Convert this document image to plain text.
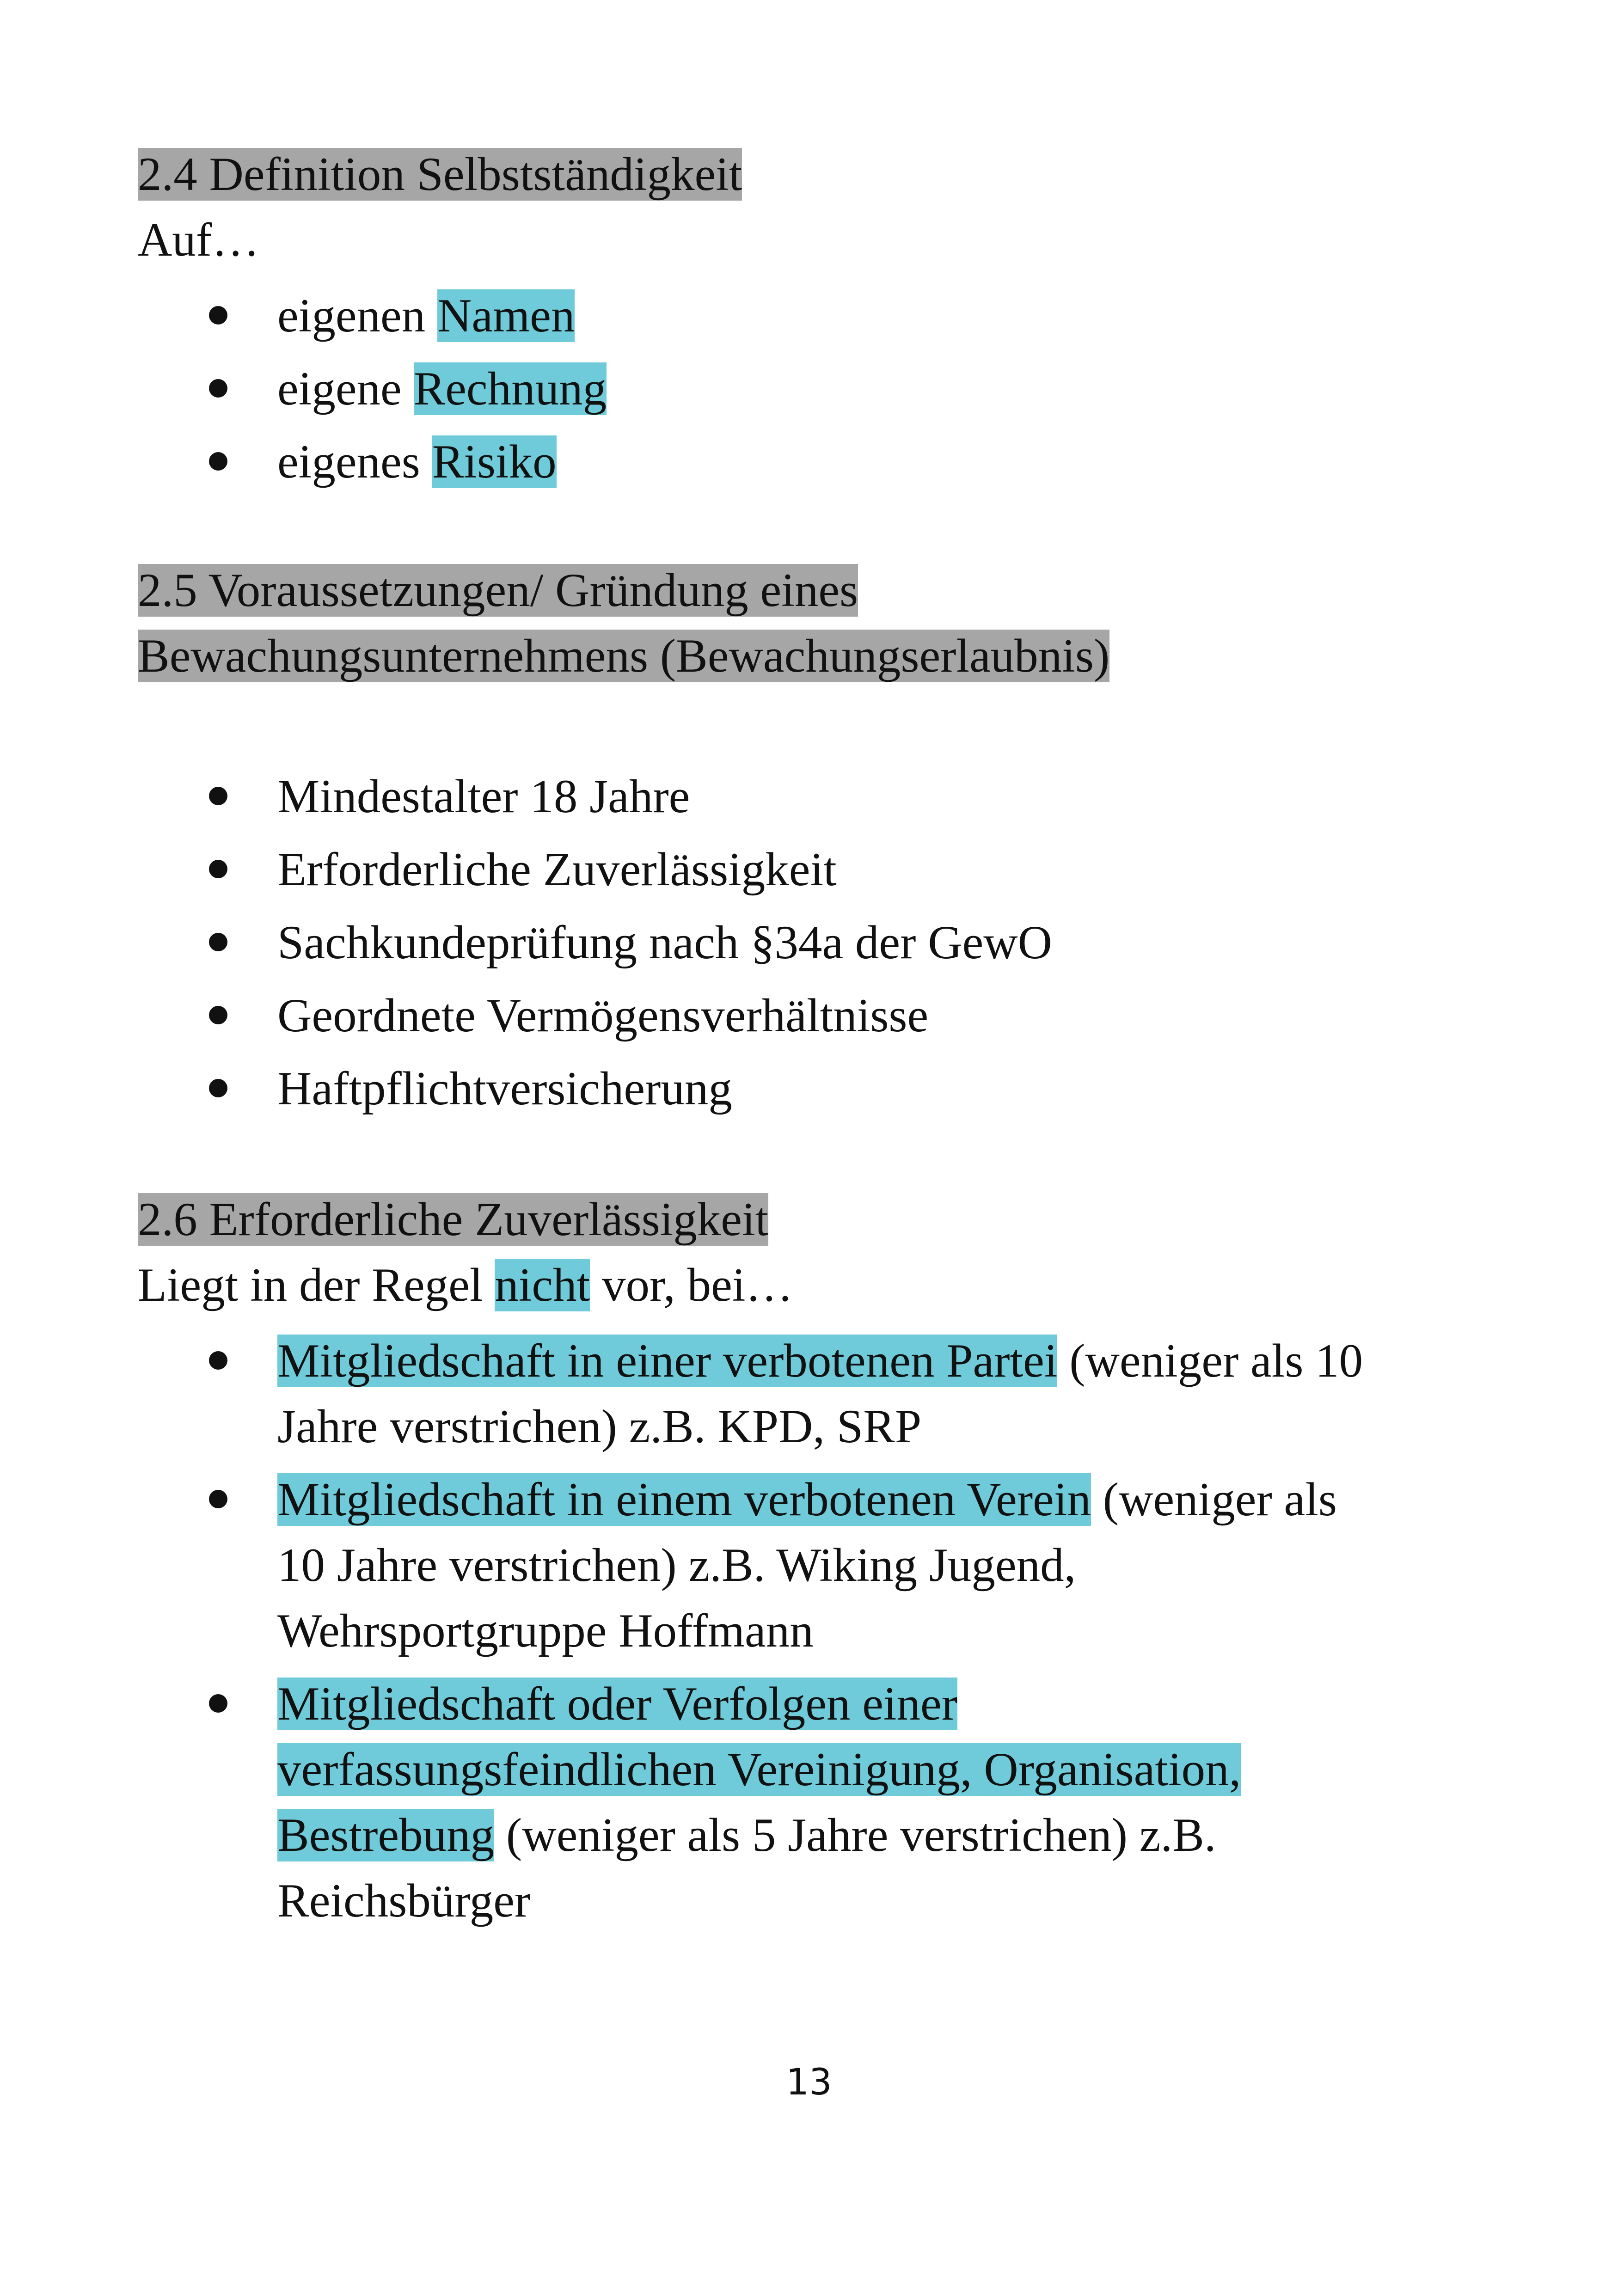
2.4 Definition Selbstständigkeit
Auf…
eigenen Namen
eigene Rechnung
eigenes Risiko
2.5 Voraussetzungen/ Gründung eines
Bewachungsunternehmens (Bewachungserlaubnis)
Mindestalter 18 Jahre
Erforderliche Zuverlässigkeit
Sachkundeprüfung nach §34a der GewO
Geordnete Vermögensverhältnisse
Haftpflichtversicherung
2.6 Erforderliche Zuverlässigkeit
Liegt in der Regel nicht vor, bei…
Mitgliedschaft in einer verbotenen Partei (weniger als 10
Jahre verstrichen) z.B. KPD, SRP
Mitgliedschaft in einem verbotenen Verein (weniger als
10 Jahre verstrichen) z.B. Wiking Jugend,
Wehrsportgruppe Hoffmann
Mitgliedschaft oder Verfolgen einer
verfassungsfeindlichen Vereinigung, Organisation,
Bestrebung (weniger als 5 Jahre verstrichen) z.B.
Reichsbürger
13
